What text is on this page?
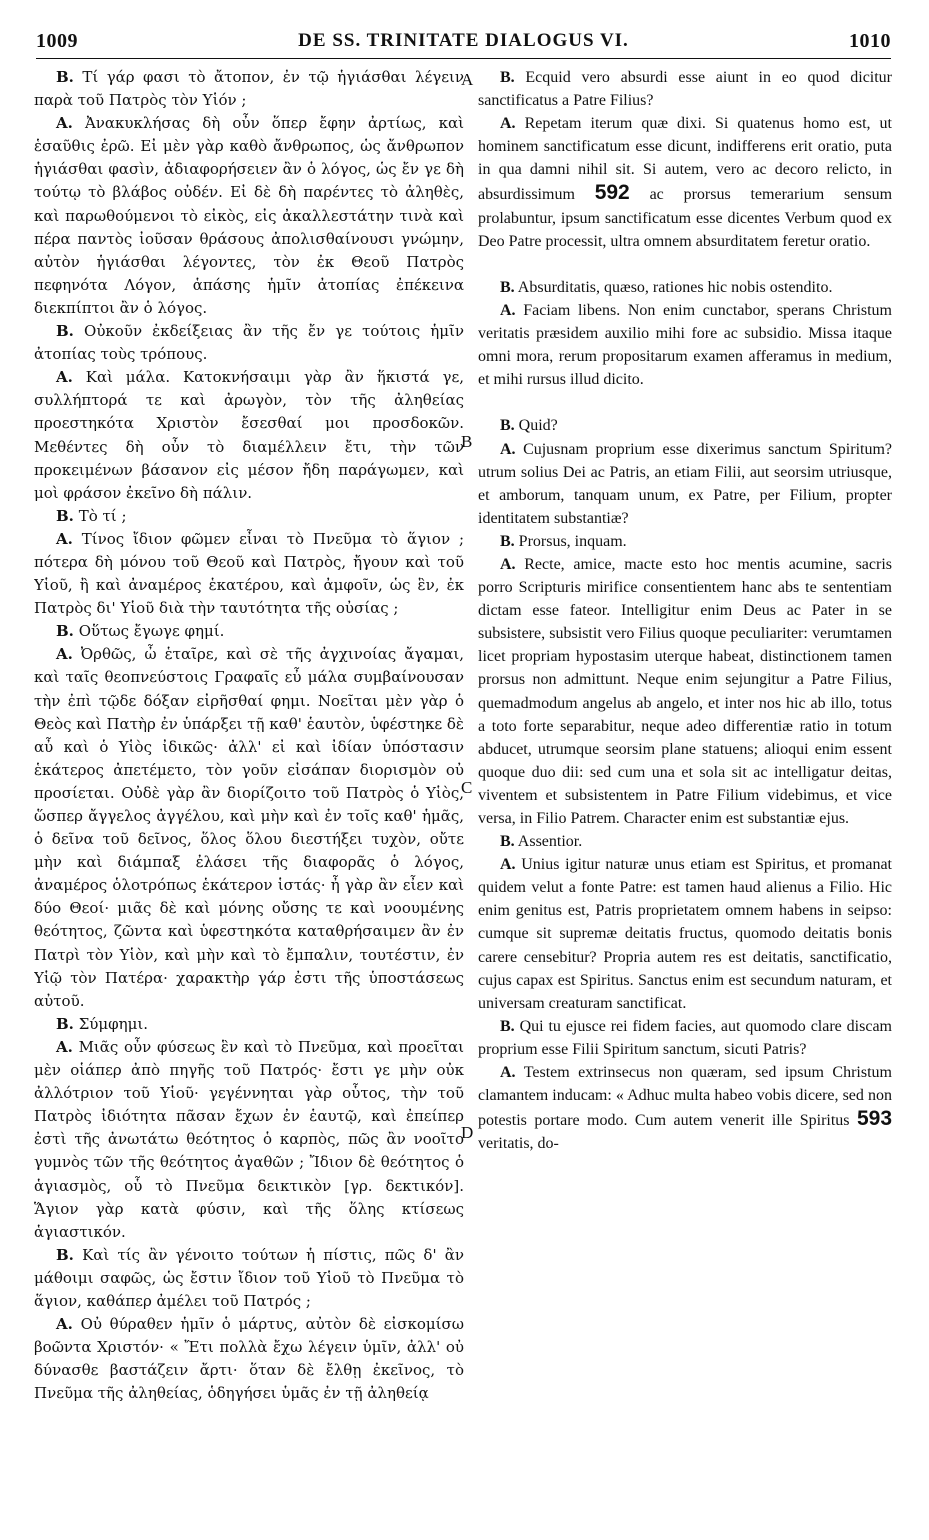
1009	DE SS. TRINITATE DIALOGUS VI.	1010
A
B
C
D

B. Τί γάρ φασι τὸ ἄτοπον, ἐν τῷ ἡγιάσθαι λέγειν παρὰ τοῦ Πατρὸς τὸν Υἱόν ;

A. Ἀνακυκλήσας δὴ οὖν ὅπερ ἔφην ἀρτίως, καὶ ἑσαῦθις ἐρῶ. Εἰ μὲν γὰρ καθὸ ἄνθρωπος, ὡς ἄνθρωπον ἡγιάσθαι φασὶν, ἀδιαφορήσειεν ἂν ὁ λόγος, ὡς ἔν γε δὴ τούτῳ τὸ βλάβος οὐδέν. Εἰ δὲ δὴ παρέντες τὸ ἀληθὲς, καὶ παρωθούμενοι τὸ εἰκὸς, εἰς ἀκαλλεστάτην τινὰ καὶ πέρα παντὸς ἰοῦσαν θράσους ἀπολισθαίνουσι γνώμην, αὐτὸν ἡγιάσθαι λέγοντες, τὸν ἐκ Θεοῦ Πατρὸς πεφηνότα Λόγον, ἁπάσης ἡμῖν ἀτοπίας ἐπέκεινα διεκπίπτοι ἂν ὁ λόγος.

B. Οὐκοῦν ἐκδείξειας ἂν τῆς ἔν γε τούτοις ἡμῖν ἀτοπίας τοὺς τρόπους.

A. Καὶ μάλα. Κατοκνήσαιμι γὰρ ἂν ἥκιστά γε, συλλήπτορά τε καὶ ἀρωγὸν, τὸν τῆς ἀληθείας προεστηκότα Χριστὸν ἔσεσθαί μοι προσδοκῶν. Μεθέντες δὴ οὖν τὸ διαμέλλειν ἔτι, τὴν τῶν προκειμένων βάσανον εἰς μέσον ἤδη παράγωμεν, καὶ μοὶ φράσον ἐκεῖνο δὴ πάλιν.

B. Τὸ τί ;

A. Τίνος ἴδιον φῶμεν εἶναι τὸ Πνεῦμα τὸ ἅγιον ; πότερα δὴ μόνου τοῦ Θεοῦ καὶ Πατρὸς, ἤγουν καὶ τοῦ Υἱοῦ, ἢ καὶ ἀναμέρος ἑκατέρου, καὶ ἀμφοῖν, ὡς ἓν, ἐκ Πατρὸς δι' Υἱοῦ διὰ τὴν ταυτότητα τῆς οὐσίας ;

B. Οὕτως ἔγωγε φημί.

A. Ὀρθῶς, ὦ ἑταῖρε, καὶ σὲ τῆς ἀγχινοίας ἄγαμαι, καὶ ταῖς θεοπνεύστοις Γραφαῖς εὖ μάλα συμβαίνουσαν τὴν ἐπὶ τῷδε δόξαν εἰρῆσθαί φημι. Νοεῖται μὲν γὰρ ὁ Θεὸς καὶ Πατὴρ ἐν ὑπάρξει τῇ καθ' ἑαυτὸν, ὑφέστηκε δὲ αὖ καὶ ὁ Υἱὸς ἰδικῶς· ἀλλ' εἰ καὶ ἰδίαν ὑπόστασιν ἑκάτερος ἀπετέμετο, τὸν γοῦν εἰσάπαν διορισμὸν οὐ προσίεται. Οὐδὲ γὰρ ἂν διορίζοιτο τοῦ Πατρὸς ὁ Υἱὸς, ὥσπερ ἄγγελος ἀγγέλου, καὶ μὴν καὶ ἐν τοῖς καθ' ἡμᾶς, ὁ δεῖνα τοῦ δεῖνος, ὅλος ὅλου διεστήξει τυχὸν, οὔτε μὴν καὶ διάμπαξ ἐλάσει τῆς διαφορᾶς ὁ λόγος, ἀναμέρος ὁλοτρόπως ἑκάτερον ἱστάς· ἦ γὰρ ἂν εἶεν καὶ δύο Θεοί· μιᾶς δὲ καὶ μόνης οὔσης τε καὶ νοουμένης θεότητος, ζῶντα καὶ ὑφεστηκότα καταθρήσαιμεν ἂν ἐν Πατρὶ τὸν Υἱὸν, καὶ μὴν καὶ τὸ ἔμπαλιν, τουτέστιν, ἐν Υἱῷ τὸν Πατέρα· χαρακτὴρ γάρ ἐστι τῆς ὑποστάσεως αὐτοῦ.

B. Σύμφημι.

A. Μιᾶς οὖν φύσεως ἓν καὶ τὸ Πνεῦμα, καὶ προεῖται μὲν οἱάπερ ἀπὸ πηγῆς τοῦ Πατρός· ἔστι γε μὴν οὐκ ἀλλότριον τοῦ Υἱοῦ· γεγέννηται γὰρ οὗτος, τὴν τοῦ Πατρὸς ἰδιότητα πᾶσαν ἔχων ἐν ἑαυτῷ, καὶ ἐπείπερ ἐστὶ τῆς ἀνωτάτω θεότητος ὁ καρπὸς, πῶς ἂν νοοῖτο γυμνὸς τῶν τῆς θεότητος ἀγαθῶν ; Ἴδιον δὲ θεότητος ὁ ἁγιασμὸς, οὗ τὸ Πνεῦμα δεικτικὸν [γρ. δεκτικόν]. Ἅγιον γὰρ κατὰ φύσιν, καὶ τῆς ὅλης κτίσεως ἁγιαστικόν.

B. Καὶ τίς ἂν γένοιτο τούτων ἡ πίστις, πῶς δ' ἂν μάθοιμι σαφῶς, ὡς ἔστιν ἴδιον τοῦ Υἱοῦ τὸ Πνεῦμα τὸ ἅγιον, καθάπερ ἀμέλει τοῦ Πατρός ;

A. Οὐ θύραθεν ἡμῖν ὁ μάρτυς, αὐτὸν δὲ εἰσκομίσω βοῶντα Χριστόν· « Ἔτι πολλὰ ἔχω λέγειν ὑμῖν, ἀλλ' οὐ δύνασθε βαστάζειν ἄρτι· ὅταν δὲ ἔλθῃ ἐκεῖνος, τὸ Πνεῦμα τῆς ἀληθείας, ὁδηγήσει ὑμᾶς ἐν τῇ ἀληθείᾳ

B. Ecquid vero absurdi esse aiunt in eo quod dicitur sanctificatus a Patre Filius?

A. Repetam iterum quæ dixi. Si quatenus homo est, ut hominem sanctificatum esse dicunt, indifferens erit oratio, puta in qua damni nihil sit. Si autem, vero ac decoro relicto, in absurdissimum 592 ac prorsus temerarium sensum prolabuntur, ipsum sanctificatum esse dicentes Verbum quod ex Deo Patre processit, ultra omnem absurditatem feretur oratio.

B. Absurditatis, quæso, rationes hic nobis ostendito.

A. Faciam libens. Non enim cunctabor, sperans Christum veritatis præsidem auxilio mihi fore ac subsidio. Missa itaque omni mora, rerum propositarum examen afferamus in medium, et mihi rursus illud dicito.

B. Quid?

A. Cujusnam proprium esse dixerimus sanctum Spiritum? utrum solius Dei ac Patris, an etiam Filii, aut seorsim utriusque, et amborum, tanquam unum, ex Patre, per Filium, propter identitatem substantiæ?

B. Prorsus, inquam.

A. Recte, amice, macte esto hoc mentis acumine, sacris porro Scripturis mirifice consentientem hanc abs te sententiam dictam esse fateor. Intelligitur enim Deus ac Pater in se subsistere, subsistit vero Filius quoque peculiariter: verumtamen licet propriam hypostasim uterque habeat, distinctionem tamen prorsus non admittunt. Neque enim sejungitur a Patre Filius, quemadmodum angelus ab angelo, et inter nos hic ab illo, totus a toto forte separabitur, neque adeo differentiæ ratio in totum abducet, utrumque seorsim plane statuens; alioqui enim essent quoque duo dii: sed cum una et sola sit ac intelligatur deitas, viventem et subsistentem in Patre Filium videbimus, et vice versa, in Filio Patrem. Character enim est substantiæ ejus.

B. Assentior.

A. Unius igitur naturæ unus etiam est Spiritus, et promanat quidem velut a fonte Patre: est tamen haud alienus a Filio. Hic enim genitus est, Patris proprietatem omnem habens in seipso: cumque sit supremæ deitatis fructus, quomodo deitatis bonis carere censebitur? Propria autem res est deitatis, sanctificatio, cujus capax est Spiritus. Sanctus enim est secundum naturam, et universam creaturam sanctificat.

B. Qui tu ejusce rei fidem facies, aut quomodo clare discam proprium esse Filii Spiritum sanctum, sicuti Patris?

A. Testem extrinsecus non quæram, sed ipsum Christum clamantem inducam: « Adhuc multa habeo vobis dicere, sed non potestis portare modo. Cum autem venerit ille Spiritus 593 veritatis, do-
